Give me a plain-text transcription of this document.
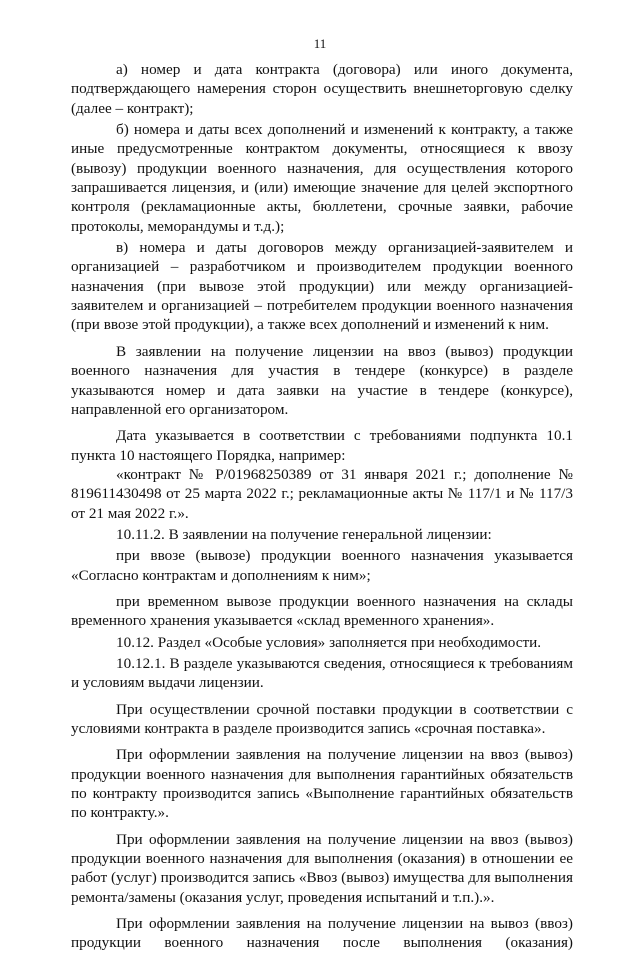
11

а) номер и дата контракта (договора) или иного документа, подтверждающего намерения сторон осуществить внешнеторговую сделку (далее – контракт);

б) номера и даты всех дополнений и изменений к контракту, а также иные предусмотренные контрактом документы, относящиеся к ввозу (вывозу) продукции военного назначения, для осуществления которого запрашивается лицензия, и (или) имеющие значение для целей экспортного контроля (рекламационные акты, бюллетени, срочные заявки, рабочие протоколы, меморандумы и т.д.);

в) номера и даты договоров между организацией-заявителем и организацией – разработчиком и производителем продукции военного назначения (при вывозе этой продукции) или между организацией-заявителем и организацией – потребителем продукции военного назначения (при ввозе этой продукции), а также всех дополнений и изменений к ним.

В заявлении на получение лицензии на ввоз (вывоз) продукции военного назначения для участия в тендере (конкурсе) в разделе указываются номер и дата заявки на участие в тендере (конкурсе), направленной его организатором.

Дата указывается в соответствии с требованиями подпункта 10.1 пункта 10 настоящего Порядка, например:

«контракт № Р/01968250389 от 31 января 2021 г.; дополнение № 819611430498 от 25 марта 2022 г.; рекламационные акты № 117/1 и № 117/3 от 21 мая 2022 г.».

10.11.2. В заявлении на получение генеральной лицензии:

при ввозе (вывозе) продукции военного назначения указывается «Согласно контрактам и дополнениям к ним»;

при временном вывозе продукции военного назначения на склады временного хранения указывается «склад временного хранения».

10.12. Раздел «Особые условия» заполняется при необходимости.

10.12.1. В разделе указываются сведения, относящиеся к требованиям и условиям выдачи лицензии.

При осуществлении срочной поставки продукции в соответствии с условиями контракта в разделе производится запись «срочная поставка».

При оформлении заявления на получение лицензии на ввоз (вывоз) продукции военного назначения для выполнения гарантийных обязательств по контракту производится запись «Выполнение гарантийных обязательств по контракту.».

При оформлении заявления на получение лицензии на ввоз (вывоз) продукции военного назначения для выполнения (оказания) в отношении ее работ (услуг) производится запись «Ввоз (вывоз) имущества для выполнения ремонта/замены (оказания услуг, проведения испытаний и т.п.).».

При оформлении заявления на получение лицензии на вывоз (ввоз) продукции военного назначения после выполнения (оказания)
